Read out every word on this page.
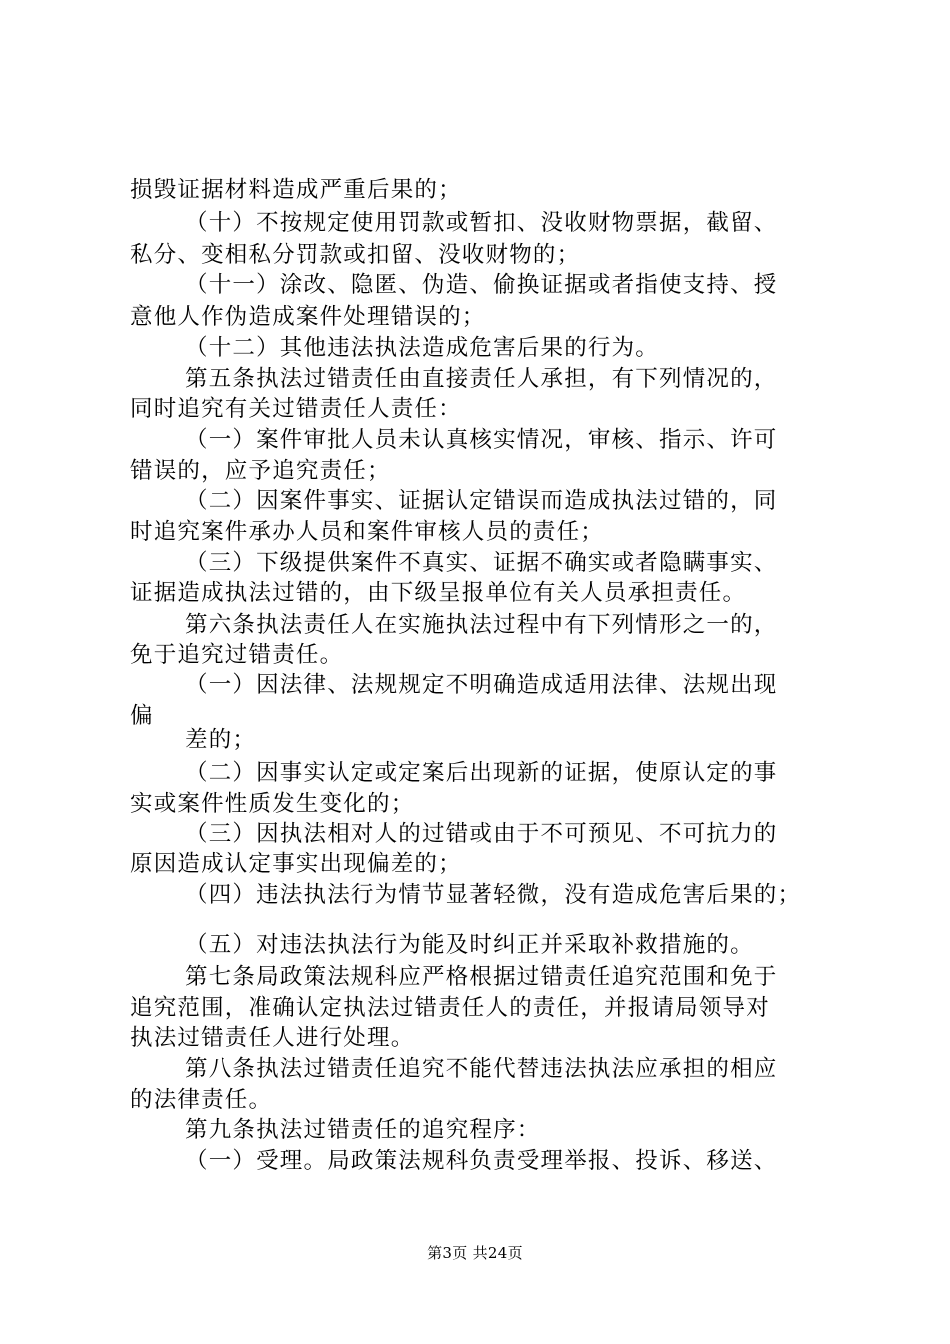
损毁证据材料造成严重后果的；
（十）不按规定使用罚款或暂扣、没收财物票据，截留、
私分、变相私分罚款或扣留、没收财物的；
（十一）涂改、隐匿、伪造、偷换证据或者指使支持、授
意他人作伪造成案件处理错误的；
（十二）其他违法执法造成危害后果的行为。
第五条执法过错责任由直接责任人承担，有下列情况的，
同时追究有关过错责任人责任：
（一）案件审批人员未认真核实情况，审核、指示、许可
错误的，应予追究责任；
（二）因案件事实、证据认定错误而造成执法过错的，同
时追究案件承办人员和案件审核人员的责任；
（三）下级提供案件不真实、证据不确实或者隐瞒事实、
证据造成执法过错的，由下级呈报单位有关人员承担责任。
第六条执法责任人在实施执法过程中有下列情形之一的，
免于追究过错责任。
（一）因法律、法规规定不明确造成适用法律、法规出现
偏
差的；
（二）因事实认定或定案后出现新的证据，使原认定的事
实或案件性质发生变化的；
（三）因执法相对人的过错或由于不可预见、不可抗力的
原因造成认定事实出现偏差的；
（四）违法执法行为情节显著轻微，没有造成危害后果的；
（五）对违法执法行为能及时纠正并采取补救措施的。
第七条局政策法规科应严格根据过错责任追究范围和免于
追究范围，准确认定执法过错责任人的责任，并报请局领导对
执法过错责任人进行处理。
第八条执法过错责任追究不能代替违法执法应承担的相应
的法律责任。
第九条执法过错责任的追究程序：
（一）受理。局政策法规科负责受理举报、投诉、移送、
第3页 共24页
